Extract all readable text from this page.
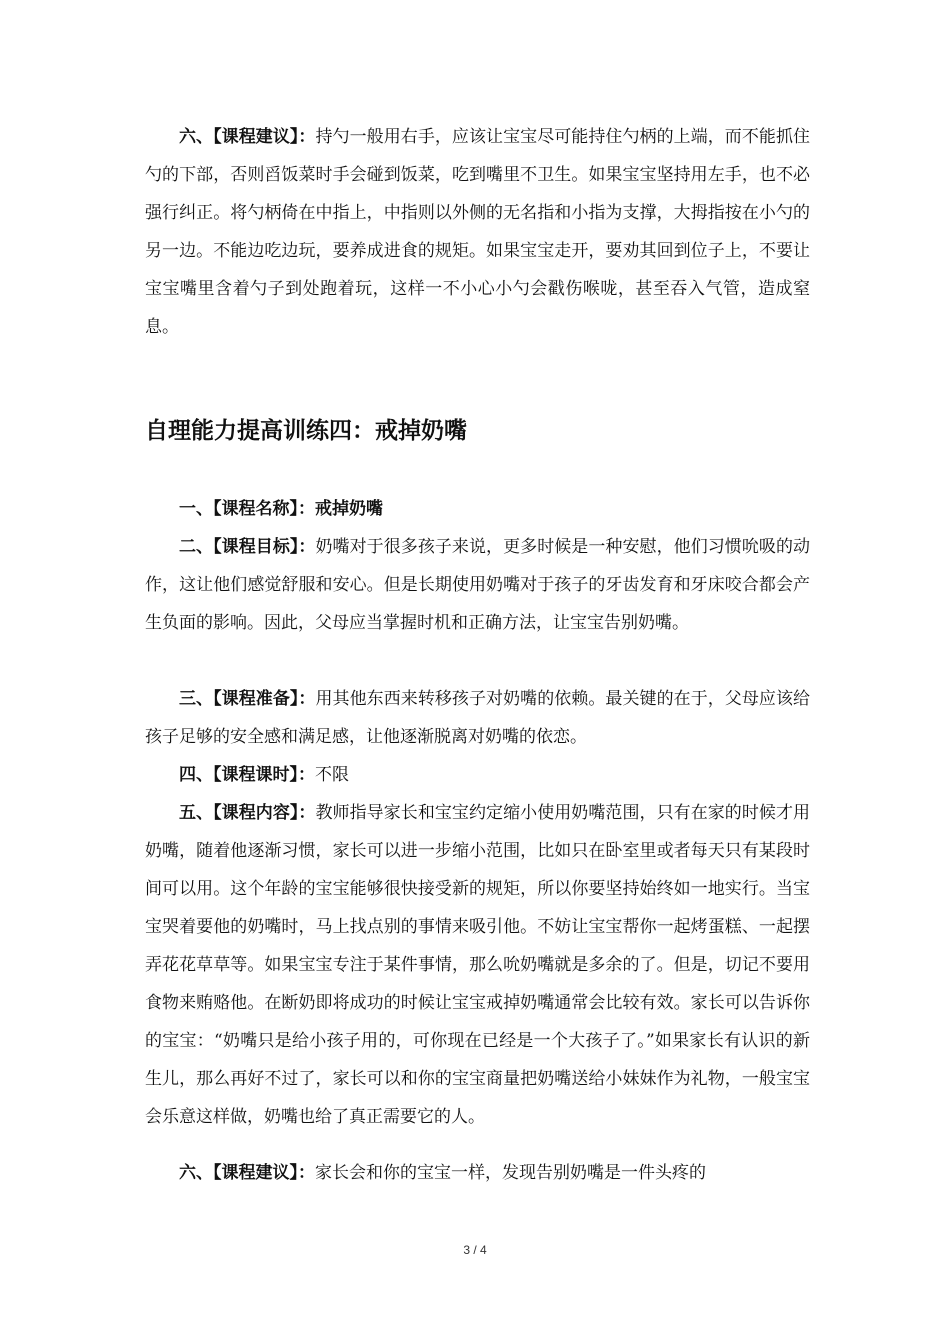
六、【课程建议】：持勺一般用右手，应该让宝宝尽可能持住勺柄的上端，而不能抓住勺的下部，否则舀饭菜时手会碰到饭菜，吃到嘴里不卫生。如果宝宝坚持用左手，也不必强行纠正。将勺柄倚在中指上，中指则以外侧的无名指和小指为支撑，大拇指按在小勺的另一边。不能边吃边玩，要养成进食的规矩。如果宝宝走开，要劝其回到位子上，不要让宝宝嘴里含着勺子到处跑着玩，这样一不小心小勺会戳伤喉咙，甚至吞入气管，造成窒息。

自理能力提高训练四：戒掉奶嘴

一、【课程名称】：戒掉奶嘴

二、【课程目标】：奶嘴对于很多孩子来说，更多时候是一种安慰，他们习惯吮吸的动作，这让他们感觉舒服和安心。但是长期使用奶嘴对于孩子的牙齿发育和牙床咬合都会产生负面的影响。因此，父母应当掌握时机和正确方法，让宝宝告别奶嘴。

三、【课程准备】：用其他东西来转移孩子对奶嘴的依赖。最关键的在于，父母应该给孩子足够的安全感和满足感，让他逐渐脱离对奶嘴的依恋。

四、【课程课时】：不限

五、【课程内容】：教师指导家长和宝宝约定缩小使用奶嘴范围，只有在家的时候才用奶嘴，随着他逐渐习惯，家长可以进一步缩小范围，比如只在卧室里或者每天只有某段时间可以用。这个年龄的宝宝能够很快接受新的规矩，所以你要坚持始终如一地实行。当宝宝哭着要他的奶嘴时，马上找点别的事情来吸引他。不妨让宝宝帮你一起烤蛋糕、一起摆弄花花草草等。如果宝宝专注于某件事情，那么吮奶嘴就是多余的了。但是，切记不要用食物来贿赂他。在断奶即将成功的时候让宝宝戒掉奶嘴通常会比较有效。家长可以告诉你的宝宝：“奶嘴只是给小孩子用的，可你现在已经是一个大孩子了。”如果家长有认识的新生儿，那么再好不过了，家长可以和你的宝宝商量把奶嘴送给小妹妹作为礼物，一般宝宝会乐意这样做，奶嘴也给了真正需要它的人。

六、【课程建议】：家长会和你的宝宝一样，发现告别奶嘴是一件头疼的

3 / 4
